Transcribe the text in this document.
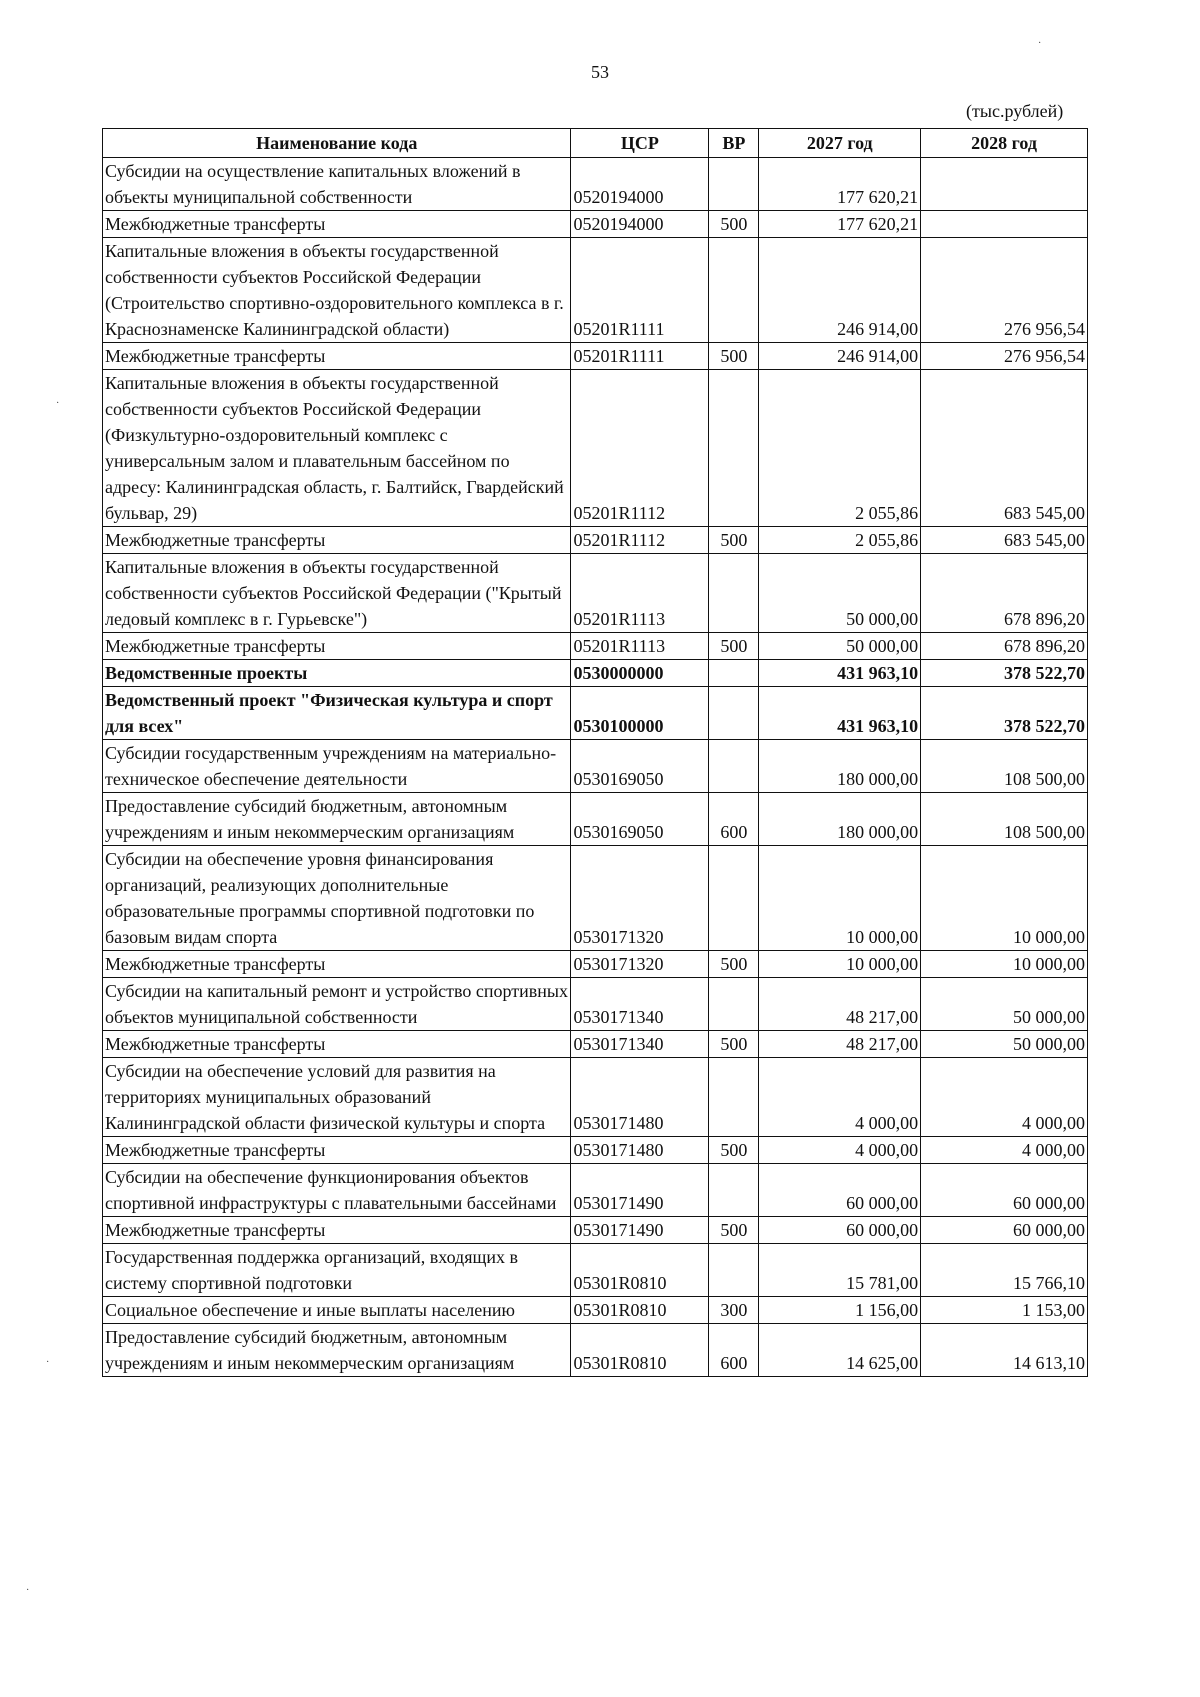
53
(тыс.рублей)
Наименование кода	ЦСР	ВР	2027 год	2028 год
Субсидии на осуществление капитальных вложений в объекты муниципальной собственности	0520194000		177 620,21	
Межбюджетные трансферты	0520194000	500	177 620,21	
Капитальные вложения в объекты государственной собственности субъектов Российской Федерации (Строительство спортивно-оздоровительного комплекса в г. Краснознаменске Калининградской области)	05201R1111		246 914,00	276 956,54
Межбюджетные трансферты	05201R1111	500	246 914,00	276 956,54
Капитальные вложения в объекты государственной собственности субъектов Российской Федерации (Физкультурно-оздоровительный комплекс с универсальным залом и плавательным бассейном по адресу: Калининградская область, г. Балтийск, Гвардейский бульвар, 29)	05201R1112		2 055,86	683 545,00
Межбюджетные трансферты	05201R1112	500	2 055,86	683 545,00
Капитальные вложения в объекты государственной собственности субъектов Российской Федерации ("Крытый ледовый комплекс в г. Гурьевске")	05201R1113		50 000,00	678 896,20
Межбюджетные трансферты	05201R1113	500	50 000,00	678 896,20
Ведомственные проекты	0530000000		431 963,10	378 522,70
Ведомственный проект "Физическая культура и спорт для всех"	0530100000		431 963,10	378 522,70
Субсидии государственным учреждениям на материально-техническое обеспечение деятельности	0530169050		180 000,00	108 500,00
Предоставление субсидий бюджетным, автономным учреждениям и иным некоммерческим организациям	0530169050	600	180 000,00	108 500,00
Субсидии на обеспечение уровня финансирования организаций, реализующих дополнительные образовательные программы спортивной подготовки по базовым видам спорта	0530171320		10 000,00	10 000,00
Межбюджетные трансферты	0530171320	500	10 000,00	10 000,00
Субсидии на капитальный ремонт и устройство спортивных объектов муниципальной собственности	0530171340		48 217,00	50 000,00
Межбюджетные трансферты	0530171340	500	48 217,00	50 000,00
Субсидии на обеспечение условий для развития на территориях муниципальных образований Калининградской области физической культуры и спорта	0530171480		4 000,00	4 000,00
Межбюджетные трансферты	0530171480	500	4 000,00	4 000,00
Субсидии на обеспечение функционирования объектов спортивной инфраструктуры с плавательными бассейнами	0530171490		60 000,00	60 000,00
Межбюджетные трансферты	0530171490	500	60 000,00	60 000,00
Государственная поддержка организаций, входящих в систему спортивной подготовки	05301R0810		15 781,00	15 766,10
Социальное обеспечение и иные выплаты населению	05301R0810	300	1 156,00	1 153,00
Предоставление субсидий бюджетным, автономным учреждениям и иным некоммерческим организациям	05301R0810	600	14 625,00	14 613,10
·
·
·
·
